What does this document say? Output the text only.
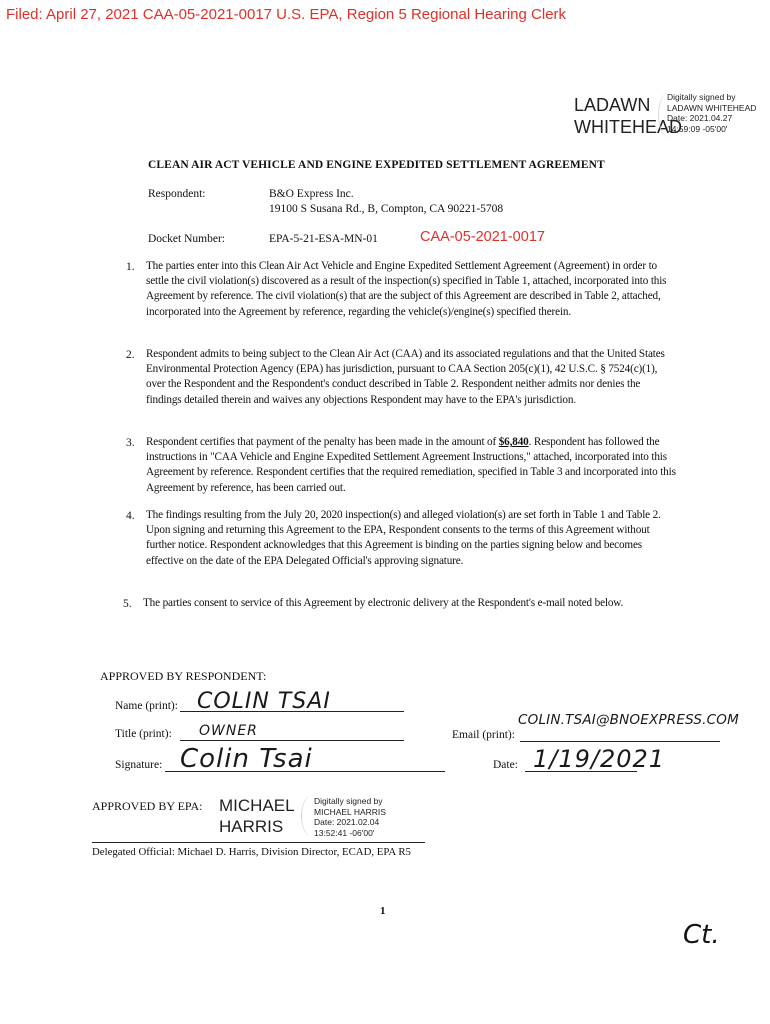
Filed: April 27, 2021 CAA-05-2021-0017 U.S. EPA, Region 5 Regional Hearing Clerk
LADAWN
WHITEHEAD
Digitally signed by
LADAWN WHITEHEAD
Date: 2021.04.27
14:59:09 -05'00'
CLEAN AIR ACT VEHICLE AND ENGINE EXPEDITED SETTLEMENT AGREEMENT
Respondent:	B&O Express Inc.
19100 S Susana Rd., B, Compton, CA 90221-5708
Docket Number:	EPA-5-21-ESA-MN-01	CAA-05-2021-0017
1. The parties enter into this Clean Air Act Vehicle and Engine Expedited Settlement Agreement (Agreement) in order to settle the civil violation(s) discovered as a result of the inspection(s) specified in Table 1, attached, incorporated into this Agreement by reference. The civil violation(s) that are the subject of this Agreement are described in Table 2, attached, incorporated into the Agreement by reference, regarding the vehicle(s)/engine(s) specified therein.
2. Respondent admits to being subject to the Clean Air Act (CAA) and its associated regulations and that the United States Environmental Protection Agency (EPA) has jurisdiction, pursuant to CAA Section 205(c)(1), 42 U.S.C. § 7524(c)(1), over the Respondent and the Respondent's conduct described in Table 2. Respondent neither admits nor denies the findings detailed therein and waives any objections Respondent may have to the EPA's jurisdiction.
3. Respondent certifies that payment of the penalty has been made in the amount of $6,840. Respondent has followed the instructions in "CAA Vehicle and Engine Expedited Settlement Agreement Instructions," attached, incorporated into this Agreement by reference. Respondent certifies that the required remediation, specified in Table 3 and incorporated into this Agreement by reference, has been carried out.
4. The findings resulting from the July 20, 2020 inspection(s) and alleged violation(s) are set forth in Table 1 and Table 2. Upon signing and returning this Agreement to the EPA, Respondent consents to the terms of this Agreement without further notice. Respondent acknowledges that this Agreement is binding on the parties signing below and becomes effective on the date of the EPA Delegated Official's approving signature.
5. The parties consent to service of this Agreement by electronic delivery at the Respondent's e-mail noted below.
APPROVED BY RESPONDENT:
Name (print): COLIN TSAI
Title (print): OWNER
Signature: Colin Tsai
Email (print):
COLIN.TSAI@BNOEXPRESS.COM
Date: 1/19/2021
APPROVED BY EPA: MICHAEL
HARRIS
Digitally signed by
MICHAEL HARRIS
Date: 2021.02.04
13:52:41 -06'00'
Delegated Official: Michael D. Harris, Division Director, ECAD, EPA R5
1
Ct.
